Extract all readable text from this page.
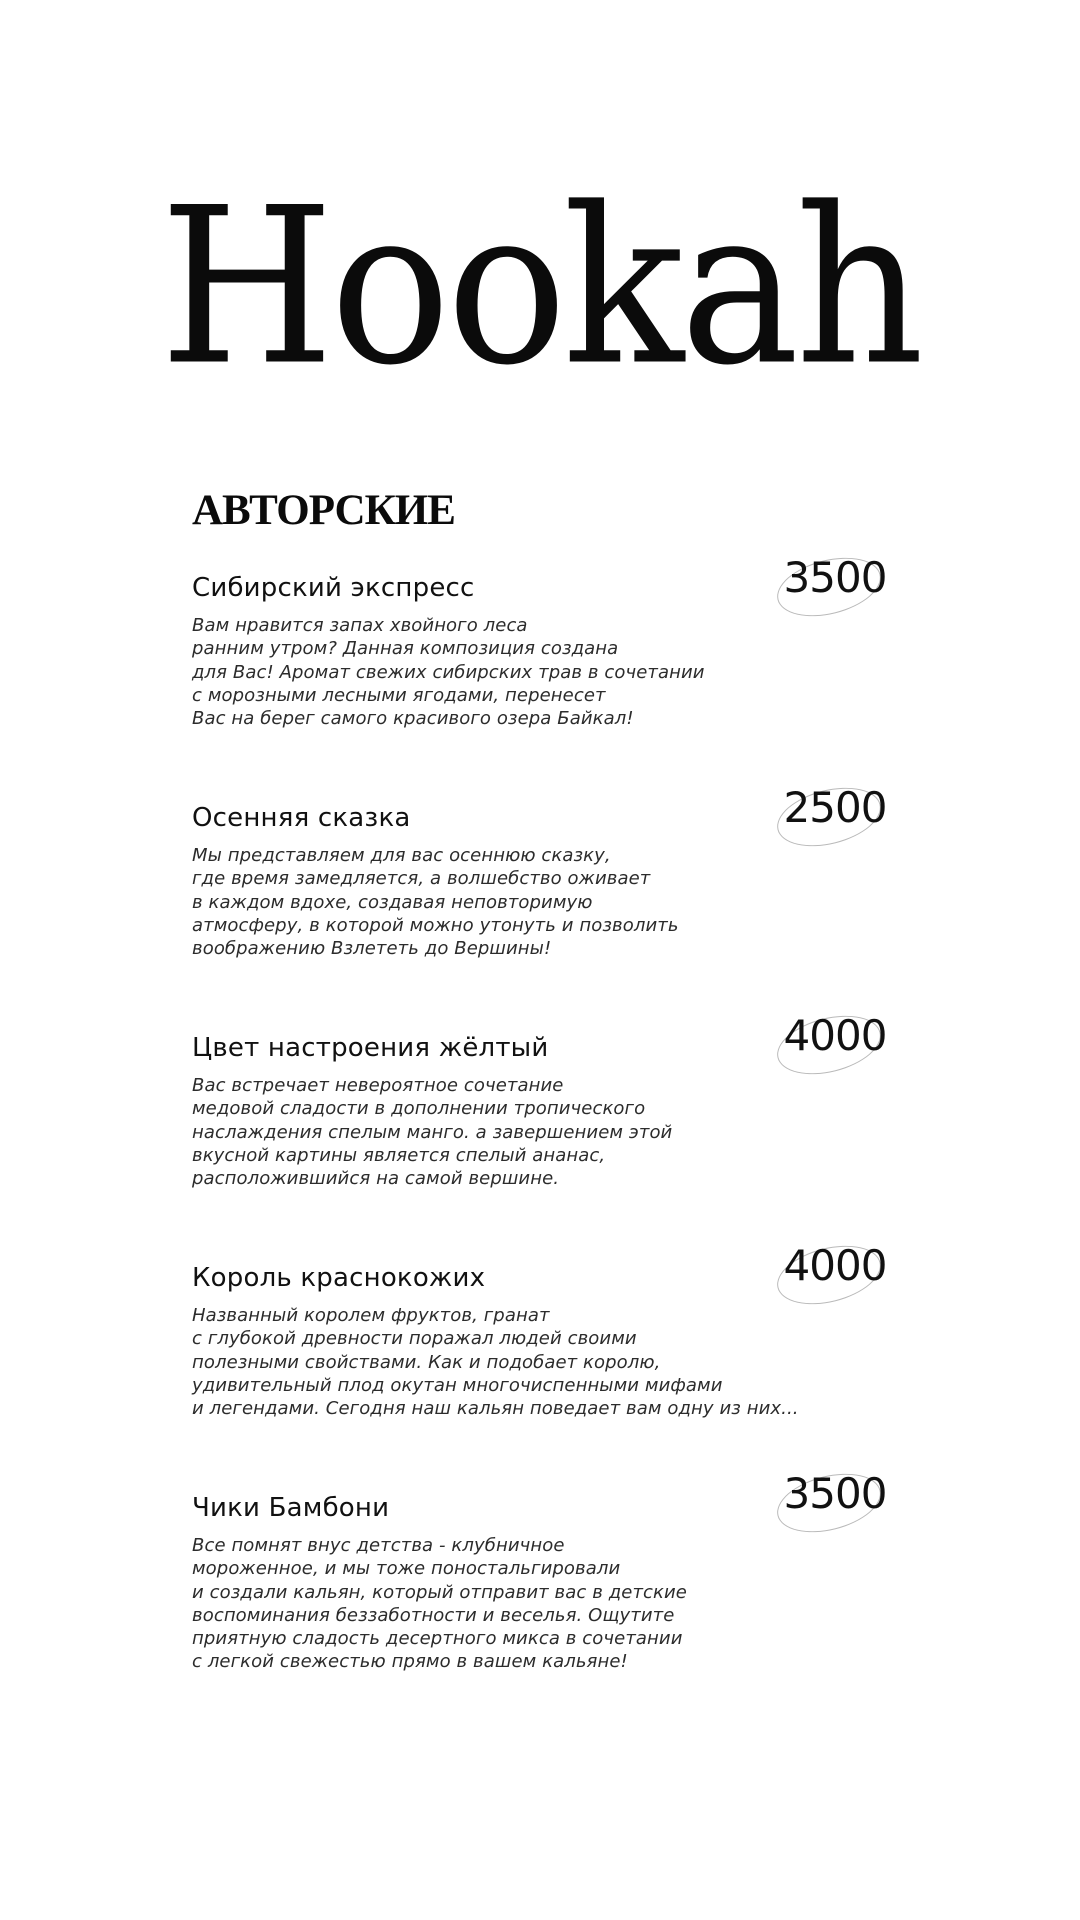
Hookah
АВТОРСКИЕ
Сибирский экспресс
Вам нравится запах хвойного леса
ранним утром? Данная композиция создана
для Вас! Аромат свежих сибирских трав в сочетании
с морозными лесными ягодами, перенесет
Вас на берег самого красивого озера Байкал!
3500
Осенняя сказка
Мы представляем для вас осеннюю сказку,
где время замедляется, а волшебство оживает
в каждом вдохе, создавая неповторимую
атмосферу, в которой можно утонуть и позволить
воображению Взлететь до Вершины!
2500
Цвет настроения жёлтый
Вас встречает невероятное сочетание
медовой сладости в дополнении тропического
наслаждения спелым манго. а завершением этой
вкусной картины является спелый ананас,
расположившийся на самой вершине.
4000
Король краснокожих
Названный королем фруктов, гранат
с глубокой древности поражал людей своими
полезными свойствами. Как и подобает королю,
удивительный плод окутан многочиспенными мифами
и легендами. Сегодня наш кальян поведает вам одну из них...
4000
Чики Бамбони
Все помнят внус детства - клубничное
мороженное, и мы тоже поностальгировали
и создали кальян, который отправит вас в детские
воспоминания беззаботности и веселья. Ощутите
приятную сладость десертного микса в сочетании
с легкой свежестью прямо в вашем кальяне!
3500
